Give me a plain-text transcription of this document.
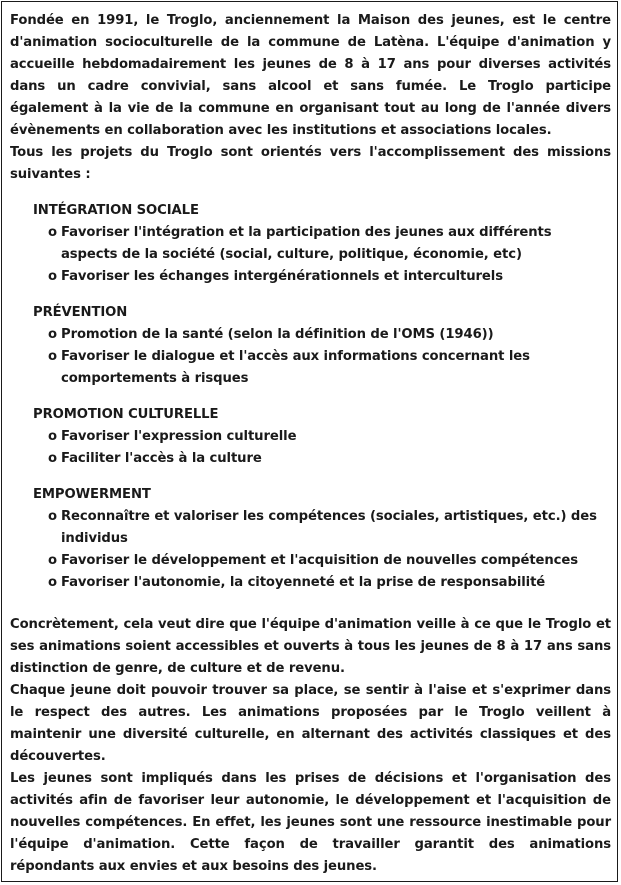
Fondée en 1991, le Troglo, anciennement la Maison des jeunes, est le centre d'animation socioculturelle de la commune de Latèna. L'équipe d'animation y accueille hebdomadairement les jeunes de 8 à 17 ans pour diverses activités dans un cadre convivial, sans alcool et sans fumée. Le Troglo participe également à la vie de la commune en organisant tout au long de l'année divers évènements en collaboration avec les institutions et associations locales.

Tous les projets du Troglo sont orientés vers l'accomplissement des missions suivantes :

INTÉGRATION SOCIALE

o Favoriser l'intégration et la participation des jeunes aux différents aspects de la société (social, culture, politique, économie, etc)
o Favoriser les échanges intergénérationnels et interculturels

PRÉVENTION

o Promotion de la santé (selon la définition de l'OMS (1946))
o Favoriser le dialogue et l'accès aux informations concernant les comportements à risques

PROMOTION CULTURELLE

o Favoriser l'expression culturelle
o Faciliter l'accès à la culture

EMPOWERMENT

o Reconnaître et valoriser les compétences (sociales, artistiques, etc.) des individus
o Favoriser le développement et l'acquisition de nouvelles compétences
o Favoriser l'autonomie, la citoyenneté et la prise de responsabilité

Concrètement, cela veut dire que l'équipe d'animation veille à ce que le Troglo et ses animations soient accessibles et ouverts à tous les jeunes de 8 à 17 ans sans distinction de genre, de culture et de revenu.

Chaque jeune doit pouvoir trouver sa place, se sentir à l'aise et s'exprimer dans le respect des autres. Les animations proposées par le Troglo veillent à maintenir une diversité culturelle, en alternant des activités classiques et des découvertes.

Les jeunes sont impliqués dans les prises de décisions et l'organisation des activités afin de favoriser leur autonomie, le développement et l'acquisition de nouvelles compétences. En effet, les jeunes sont une ressource inestimable pour l'équipe d'animation. Cette façon de travailler garantit des animations répondants aux envies et aux besoins des jeunes.
